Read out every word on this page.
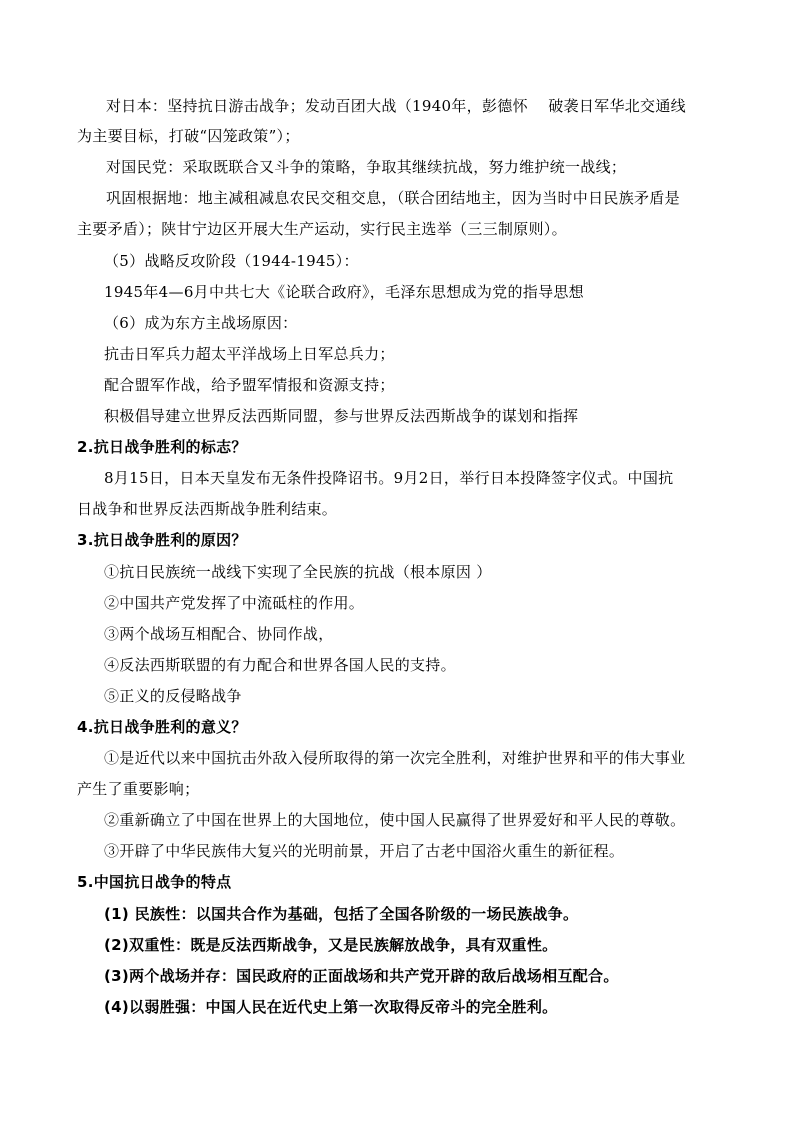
对日本：坚持抗日游击战争；发动百团大战（1940年，彭德怀　 破袭日军华北交通线
为主要目标，打破“囚笼政策”）；
对国民党：采取既联合又斗争的策略，争取其继续抗战，努力维护统一战线；
巩固根据地：地主减租减息农民交租交息，（联合团结地主，因为当时中日民族矛盾是
主要矛盾）；陕甘宁边区开展大生产运动，实行民主选举（三三制原则）。
（5）战略反攻阶段（1944-1945）：
1945年4—6月中共七大《论联合政府》，毛泽东思想成为党的指导思想
（6）成为东方主战场原因：
抗击日军兵力超太平洋战场上日军总兵力；
配合盟军作战，给予盟军情报和资源支持；
积极倡导建立世界反法西斯同盟，参与世界反法西斯战争的谋划和指挥
2.抗日战争胜利的标志？
8月15日，日本天皇发布无条件投降诏书。9月2日，举行日本投降签字仪式。中国抗
日战争和世界反法西斯战争胜利结束。
3.抗日战争胜利的原因？
①抗日民族统一战线下实现了全民族的抗战（根本原因 ）
②中国共产党发挥了中流砥柱的作用。
③两个战场互相配合、协同作战，
④反法西斯联盟的有力配合和世界各国人民的支持。
⑤正义的反侵略战争
4.抗日战争胜利的意义？
①是近代以来中国抗击外敌入侵所取得的第一次完全胜利，对维护世界和平的伟大事业
产生了重要影响；
②重新确立了中国在世界上的大国地位，使中国人民赢得了世界爱好和平人民的尊敬。
③开辟了中华民族伟大复兴的光明前景，开启了古老中国浴火重生的新征程。
5.中国抗日战争的特点
(1) 民族性：以国共合作为基础，包括了全国各阶级的一场民族战争。
(2)双重性：既是反法西斯战争，又是民族解放战争，具有双重性。
(3)两个战场并存：国民政府的正面战场和共产党开辟的敌后战场相互配合。
(4)以弱胜强：中国人民在近代史上第一次取得反帝斗的完全胜利。
